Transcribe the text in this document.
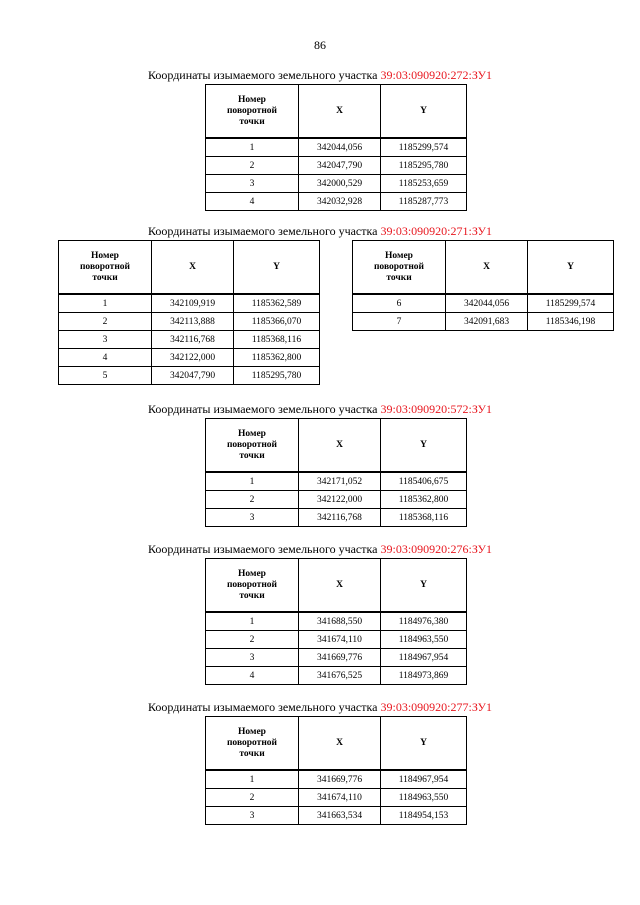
86
Координаты изымаемого земельного участка 39:03:090920:272:ЗУ1
Номер
поворотной
точки	X	Y
1	342044,056	1185299,574
2	342047,790	1185295,780
3	342000,529	1185253,659
4	342032,928	1185287,773
Координаты изымаемого земельного участка 39:03:090920:271:ЗУ1
Номер
поворотной
точки	X	Y
1	342109,919	1185362,589
2	342113,888	1185366,070
3	342116,768	1185368,116
4	342122,000	1185362,800
5	342047,790	1185295,780
Номер
поворотной
точки	X	Y
6	342044,056	1185299,574
7	342091,683	1185346,198
Координаты изымаемого земельного участка 39:03:090920:572:ЗУ1
Номер
поворотной
точки	X	Y
1	342171,052	1185406,675
2	342122,000	1185362,800
3	342116,768	1185368,116
Координаты изымаемого земельного участка 39:03:090920:276:ЗУ1
Номер
поворотной
точки	X	Y
1	341688,550	1184976,380
2	341674,110	1184963,550
3	341669,776	1184967,954
4	341676,525	1184973,869
Координаты изымаемого земельного участка 39:03:090920:277:ЗУ1
Номер
поворотной
точки	X	Y
1	341669,776	1184967,954
2	341674,110	1184963,550
3	341663,534	1184954,153
